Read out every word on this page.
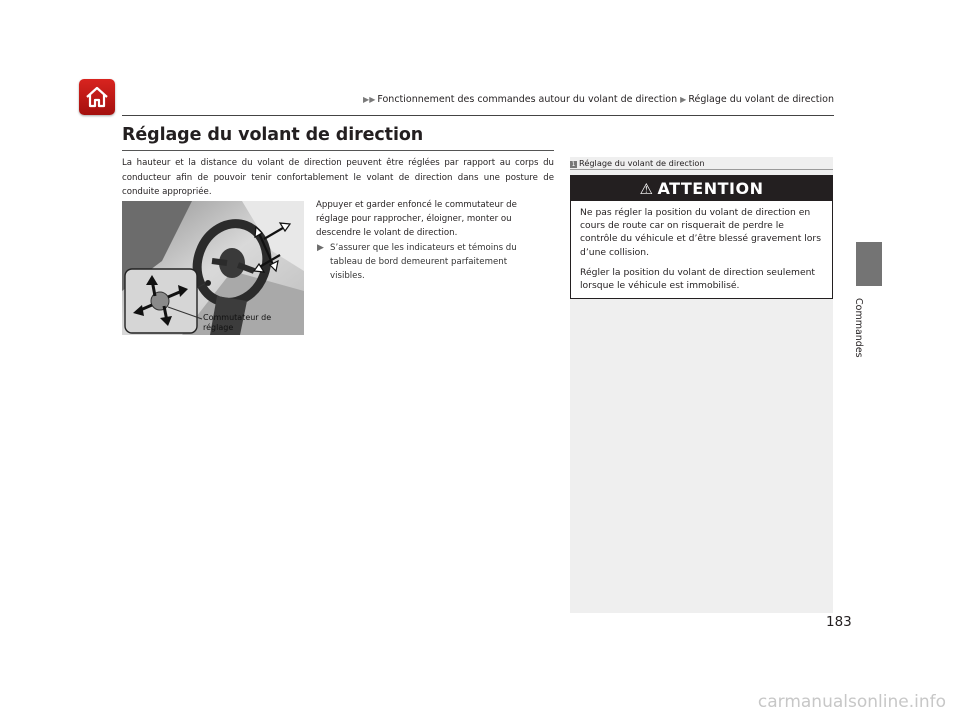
▶▶ Fonctionnement des commandes autour du volant de direction ▶ Réglage du volant de direction
Commandes
Réglage du volant de direction

La hauteur et la distance du volant de direction peuvent être réglées par rapport au corps du conducteur afin de pouvoir tenir confortablement le volant de direction dans une posture de conduite appropriée.

Commutateur de réglage

Appuyer et garder enfoncé le commutateur de réglage pour rapprocher, éloigner, monter ou descendre le volant de direction.

▶ S’assurer que les indicateurs et témoins du tableau de bord demeurent parfaitement visibles.

1 Réglage du volant de direction
⚠ ATTENTION

Ne pas régler la position du volant de direction en cours de route car on risquerait de perdre le contrôle du véhicule et d’être blessé gravement lors d’une collision.

Régler la position du volant de direction seulement lorsque le véhicule est immobilisé.

183
carmanualsonline.info
